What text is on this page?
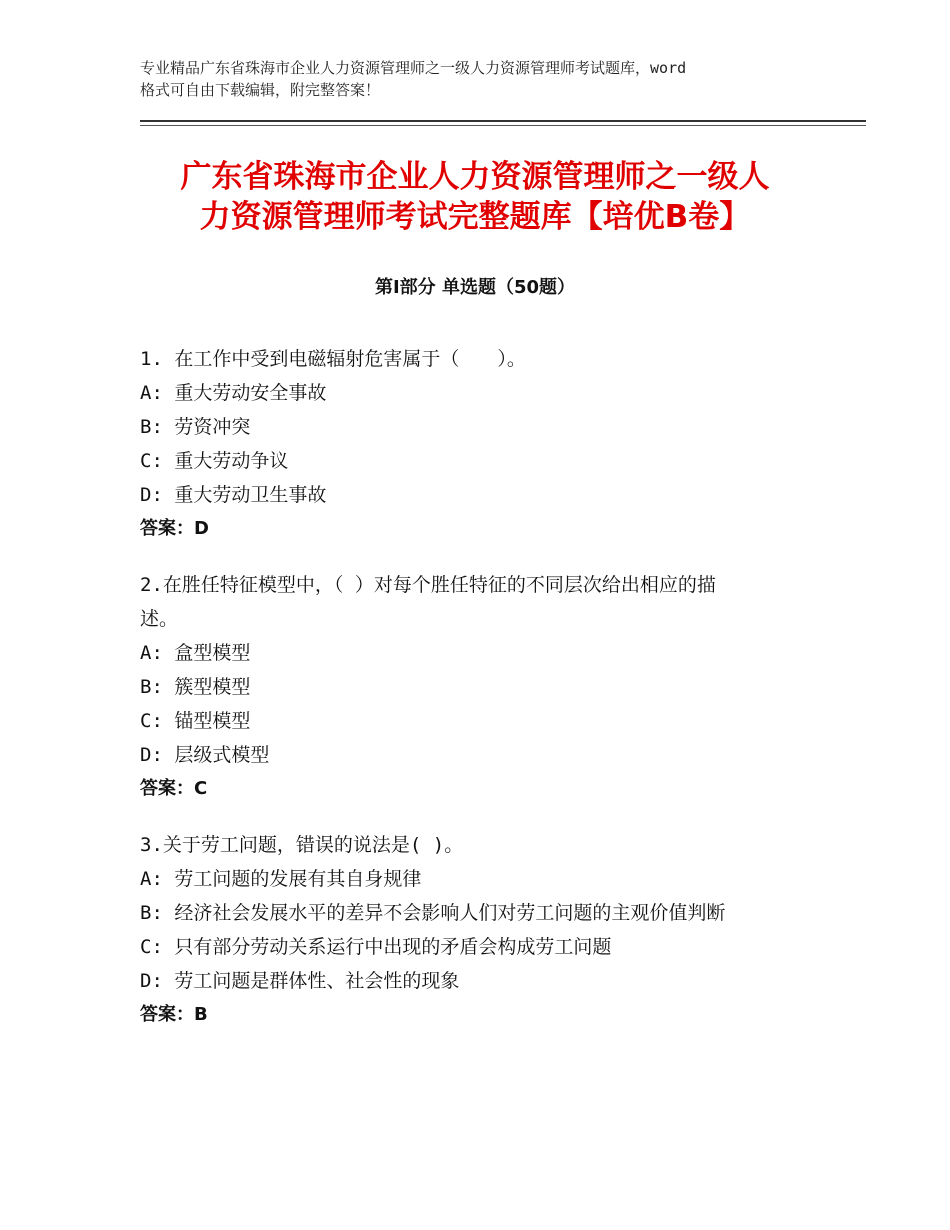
专业精品广东省珠海市企业人力资源管理师之一级人力资源管理师考试题库，word
格式可自由下载编辑，附完整答案！
广东省珠海市企业人力资源管理师之一级人
力资源管理师考试完整题库【培优B卷】
第Ⅰ部分 单选题（50题）
1. 在工作中受到电磁辐射危害属于（　　）。
A: 重大劳动安全事故
B: 劳资冲突
C: 重大劳动争议
D: 重大劳动卫生事故
答案：D
2.在胜任特征模型中，（ ）对每个胜任特征的不同层次给出相应的描
述。
A: 盒型模型
B: 簇型模型
C: 锚型模型
D: 层级式模型
答案：C
3.关于劳工问题，错误的说法是( )。
A: 劳工问题的发展有其自身规律
B: 经济社会发展水平的差异不会影响人们对劳工问题的主观价值判断
C: 只有部分劳动关系运行中出现的矛盾会构成劳工问题
D: 劳工问题是群体性、社会性的现象
答案：B
